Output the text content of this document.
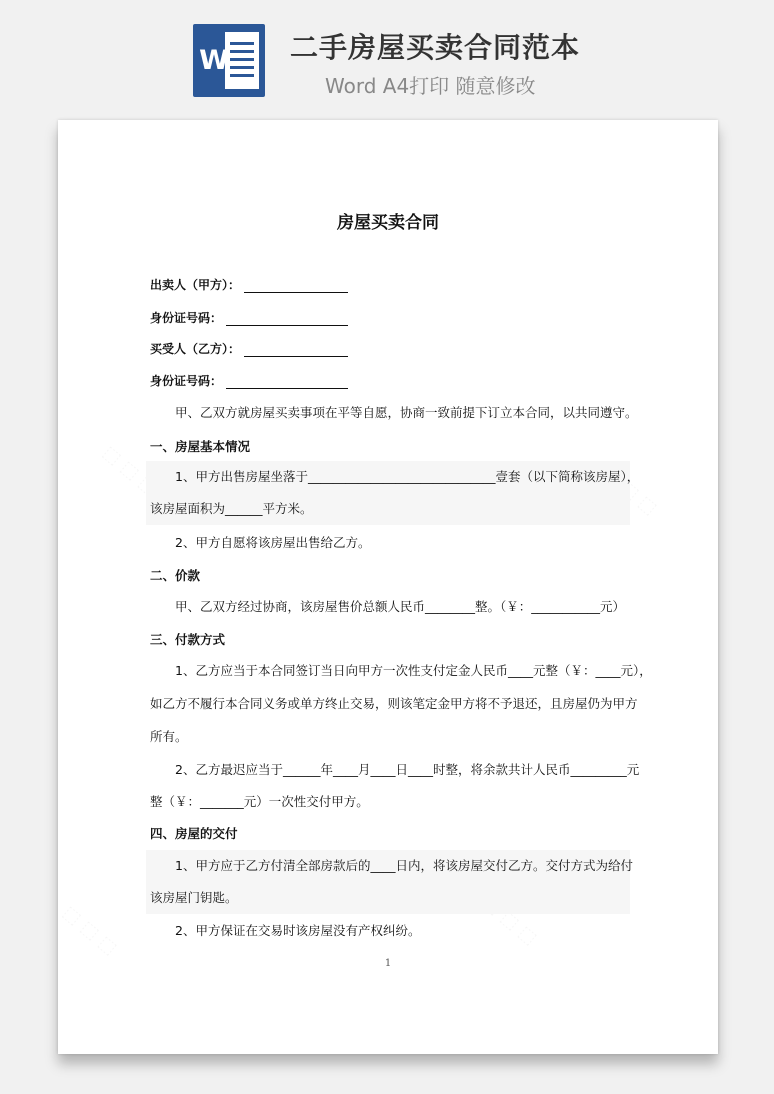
W 二手房屋买卖合同范本
Word A4打印 随意修改
房屋买卖合同
出卖人（甲方）：
身份证号码：
买受人（乙方）：
身份证号码：
甲、乙双方就房屋买卖事项在平等自愿，协商一致前提下订立本合同，以共同遵守。
一、房屋基本情况
1、甲方出售房屋坐落于______________________________壹套（以下简称该房屋），
该房屋面积为______平方米。
2、甲方自愿将该房屋出售给乙方。
二、价款
甲、乙双方经过协商，该房屋售价总额人民币________整。（￥：___________元）
三、付款方式
1、乙方应当于本合同签订当日向甲方一次性支付定金人民币____元整（￥：____元），
如乙方不履行本合同义务或单方终止交易，则该笔定金甲方将不予退还，且房屋仍为甲方
所有。
2、乙方最迟应当于______年____月____日____时整，将余款共计人民币_________元
整（￥：_______元）一次性交付甲方。
四、房屋的交付
1、甲方应于乙方付清全部房款后的____日内，将该房屋交付乙方。交付方式为给付
该房屋门钥匙。
2、甲方保证在交易时该房屋没有产权纠纷。
1
